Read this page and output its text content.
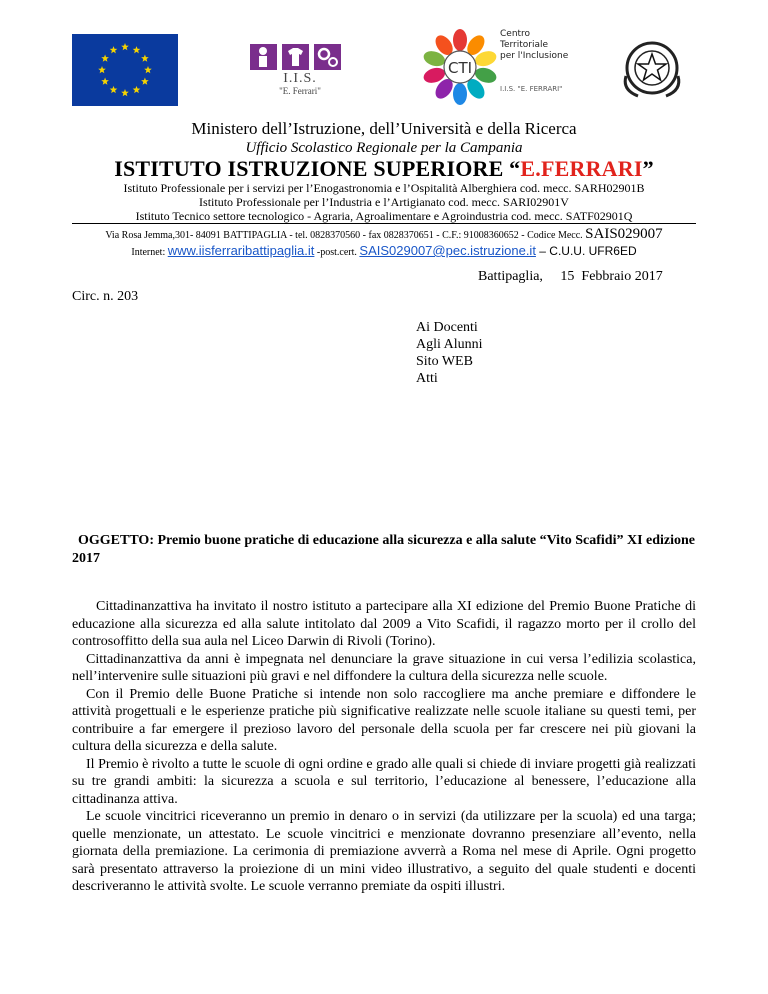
I.I.S.
"E. Ferrari"
CTI
Centro
Territoriale
per l'Inclusione
I.I.S. "E. FERRARI"
Ministero dell’Istruzione, dell’Università e della Ricerca
Ufficio Scolastico Regionale per la Campania
ISTITUTO ISTRUZIONE SUPERIORE “E.FERRARI”
Istituto Professionale per i servizi per l’Enogastronomia e l’Ospitalità Alberghiera cod. mecc. SARH02901B
Istituto Professionale per l’Industria e l’Artigianato cod. mecc. SARI02901V
Istituto Tecnico settore tecnologico - Agraria, Agroalimentare e Agroindustria cod. mecc. SATF02901Q
Via Rosa Jemma,301- 84091 BATTIPAGLIA - tel. 0828370560 - fax 0828370651 - C.F.: 91008360652 - Codice Mecc. SAIS029007
Internet: www.iisferraribattipaglia.it -post.cert. SAIS029007@pec.istruzione.it – C.U.U. UFR6ED
Battipaglia,     15  Febbraio 2017
Circ. n. 203
Ai Docenti
Agli Alunni
Sito WEB
Atti
OGGETTO: Premio buone pratiche di educazione alla sicurezza e alla salute “Vito Scafidi” XI edizione 2017

Cittadinanzattiva ha invitato il nostro istituto a partecipare alla XI edizione del Premio Buone Pratiche di educazione alla sicurezza ed alla salute intitolato dal 2009 a Vito Scafidi, il ragazzo morto per il crollo del controsoffitto della sua aula nel Liceo Darwin di Rivoli (Torino).

Cittadinanzattiva da anni è impegnata nel denunciare la grave situazione in cui versa l’edilizia scolastica, nell’intervenire sulle situazioni più gravi e nel diffondere la cultura della sicurezza nelle scuole.

Con il Premio delle Buone Pratiche si intende non solo raccogliere ma anche premiare e diffondere le attività progettuali e le esperienze pratiche più significative realizzate nelle scuole italiane su questi temi, per contribuire a far emergere il prezioso lavoro del personale della scuola per far crescere nei più giovani la cultura della sicurezza e della salute.

Il Premio è rivolto a tutte le scuole di ogni ordine e grado alle quali si chiede di inviare progetti già realizzati su tre grandi ambiti: la sicurezza a scuola e sul territorio, l’educazione al benessere, l’educazione alla cittadinanza attiva.

Le scuole vincitrici riceveranno un premio in denaro o in servizi (da utilizzare per la scuola) ed una targa; quelle menzionate, un attestato. Le scuole vincitrici e menzionate dovranno presenziare all’evento, nella giornata della premiazione. La cerimonia di premiazione avverrà a Roma nel mese di Aprile. Ogni progetto sarà presentato attraverso la proiezione di un mini video illustrativo, a seguito del quale studenti e docenti descriveranno le attività svolte. Le scuole verranno premiate da ospiti illustri.
